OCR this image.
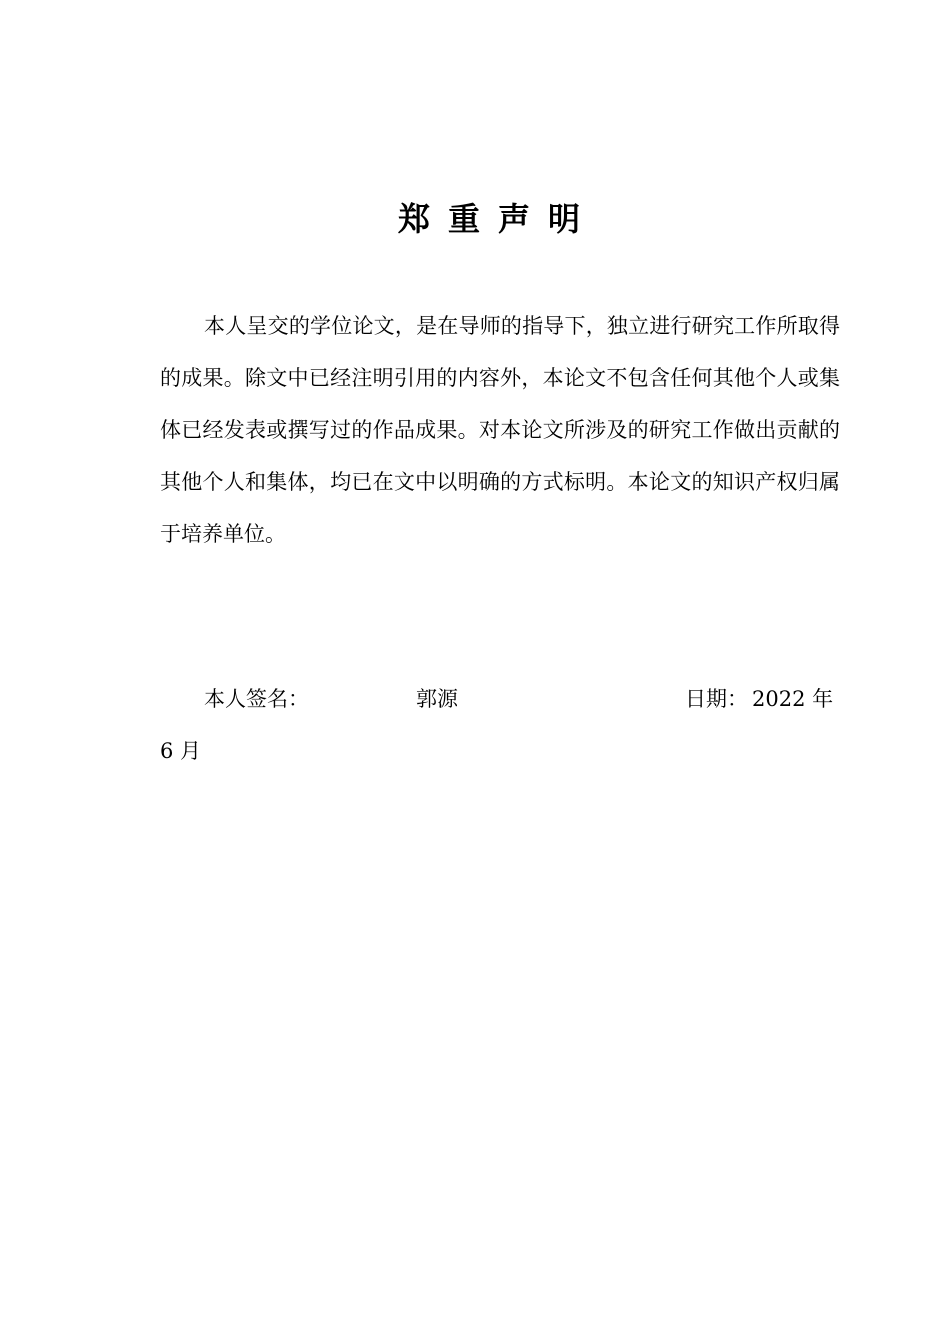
郑重声明

本人呈交的学位论文，是在导师的指导下，独立进行研究工作所取得的成果。除文中已经注明引用的内容外，本论文不包含任何其他个人或集体已经发表或撰写过的作品成果。对本论文所涉及的研究工作做出贡献的其他个人和集体，均已在文中以明确的方式标明。本论文的知识产权归属于培养单位。

本人签名：	郭源	日期： 2022 年
6 月
